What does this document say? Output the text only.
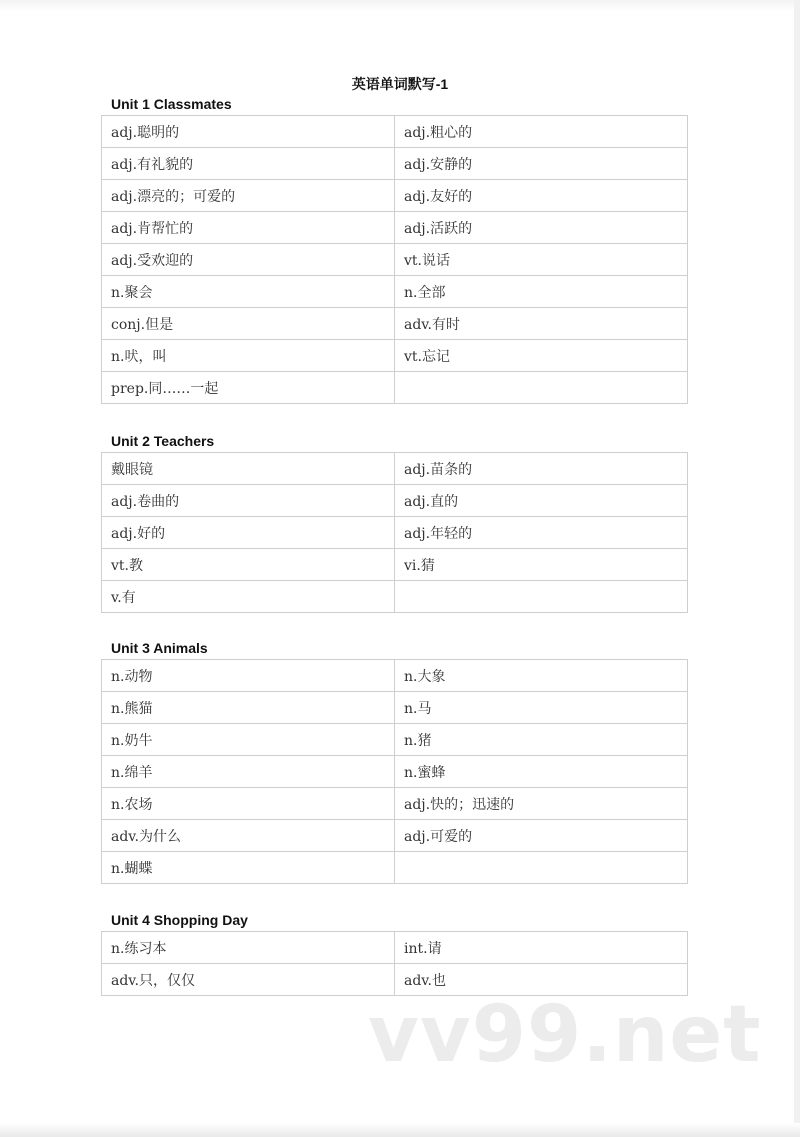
英语单词默写-1
Unit 1 Classmates
adj.聪明的	adj.粗心的
adj.有礼貌的	adj.安静的
adj.漂亮的；可爱的	adj.友好的
adj.肯帮忙的	adj.活跃的
adj.受欢迎的	vt.说话
n.聚会	n.全部
conj.但是	adv.有时
n.吠，叫	vt.忘记
prep.同……一起	
Unit 2 Teachers
戴眼镜	adj.苗条的
adj.卷曲的	adj.直的
adj.好的	adj.年轻的
vt.教	vi.猜
v.有	
Unit 3 Animals
n.动物	n.大象
n.熊猫	n.马
n.奶牛	n.猪
n.绵羊	n.蜜蜂
n.农场	adj.快的；迅速的
adv.为什么	adj.可爱的
n.蝴蝶	
Unit 4 Shopping Day
n.练习本	int.请
adv.只，仅仅	adv.也
vv99.net
